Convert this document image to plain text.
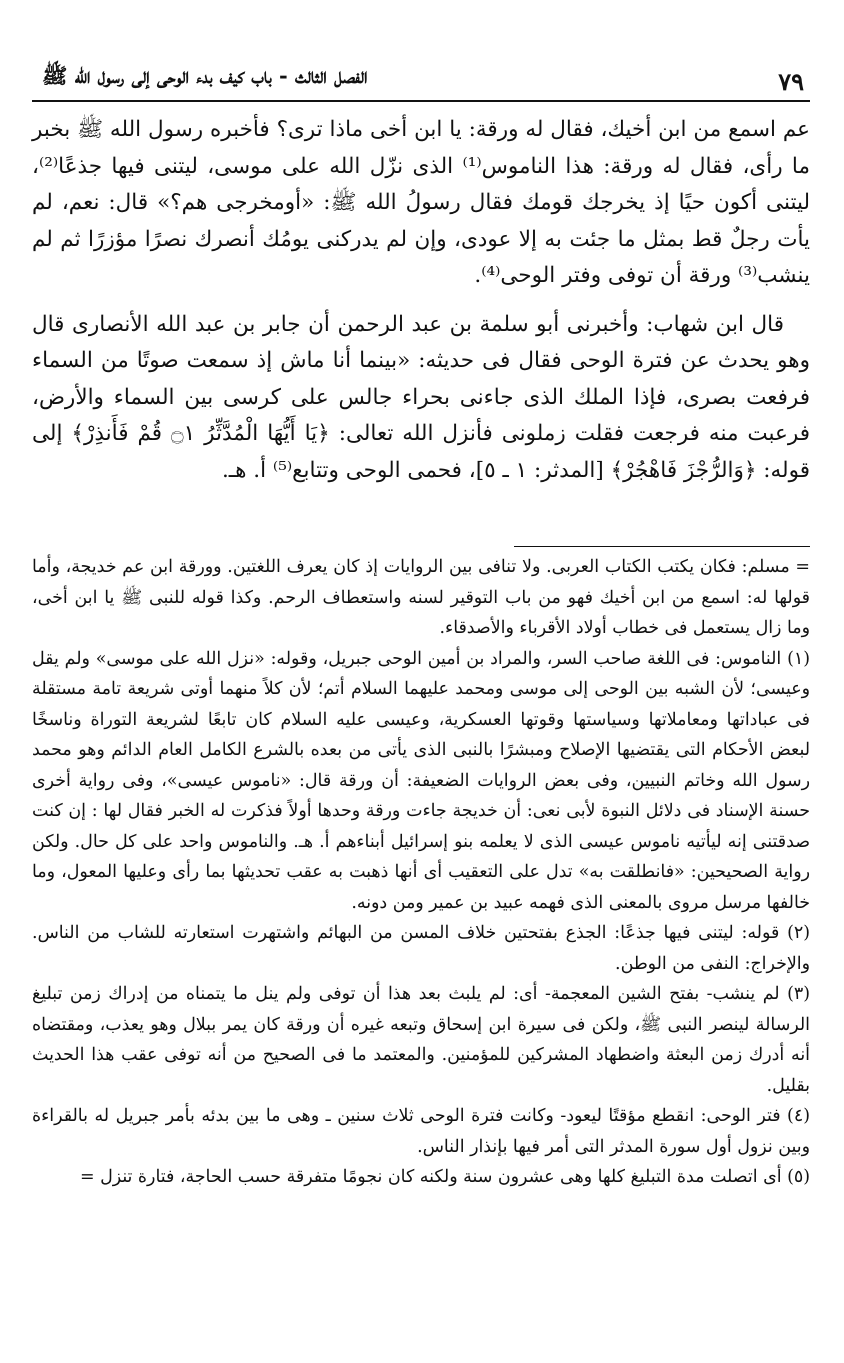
٧٩
الفصل الثالث - باب كيف بدء الوحى إلى رسول الله ﷺ

عم اسمع من ابن أخيك، فقال له ورقة: يا ابن أخى ماذا ترى؟ فأخبره رسول الله ﷺ بخبر ما رأى، فقال له ورقة: هذا الناموس⁽¹⁾ الذى نزّل الله على موسى، ليتنى فيها جذعًا⁽²⁾، ليتنى أكون حيًا إذ يخرجك قومك فقال رسولُ الله ﷺ: «أومخرجى هم؟» قال: نعم، لم يأت رجلٌ قط بمثل ما جئت به إلا عودى، وإن لم يدركنى يومُك أنصرك نصرًا مؤزرًا ثم لم ينشب⁽³⁾ ورقة أن توفى وفتر الوحى⁽⁴⁾.

قال ابن شهاب: وأخبرنى أبو سلمة بن عبد الرحمن أن جابر بن عبد الله الأنصارى قال وهو يحدث عن فترة الوحى فقال فى حديثه: «بينما أنا ماش إذ سمعت صوتًا من السماء فرفعت بصرى، فإذا الملك الذى جاءنى بحراء جالس على كرسى بين السماء والأرض، فرعبت منه فرجعت فقلت زملونى فأنزل الله تعالى: ﴿يَا أَيُّهَا الْمُدَّثِّرُ ۝١ قُمْ فَأَنذِرْ﴾ إلى قوله: ﴿وَالرُّجْزَ فَاهْجُرْ﴾ [المدثر: ١ ـ ٥]، فحمى الوحى وتتابع⁽⁵⁾ أ. هـ.

= مسلم: فكان يكتب الكتاب العربى. ولا تنافى بين الروايات إذ كان يعرف اللغتين. وورقة ابن عم خديجة، وأما قولها له: اسمع من ابن أخيك فهو من باب التوقير لسنه واستعطاف الرحم. وكذا قوله للنبى ﷺ يا ابن أخى، وما زال يستعمل فى خطاب أولاد الأقرباء والأصدقاء.

(١) الناموس: فى اللغة صاحب السر، والمراد بن أمين الوحى جبريل، وقوله: «نزل الله على موسى» ولم يقل وعيسى؛ لأن الشبه بين الوحى إلى موسى ومحمد عليهما السلام أتم؛ لأن كلاً منهما أوتى شريعة تامة مستقلة فى عباداتها ومعاملاتها وسياستها وقوتها العسكرية، وعيسى عليه السلام كان تابعًا لشريعة التوراة وناسخًا لبعض الأحكام التى يقتضيها الإصلاح ومبشرًا بالنبى الذى يأتى من بعده بالشرع الكامل العام الدائم وهو محمد رسول الله وخاتم النبيين، وفى بعض الروايات الضعيفة: أن ورقة قال: «ناموس عيسى»، وفى رواية أخرى حسنة الإسناد فى دلائل النبوة لأبى نعى: أن خديجة جاءت ورقة وحدها أولاً فذكرت له الخبر فقال لها : إن كنت صدقتنى إنه ليأتيه ناموس عيسى الذى لا يعلمه بنو إسرائيل أبناءهم أ. هـ. والناموس واحد على كل حال. ولكن رواية الصحيحين: «فانطلقت به» تدل على التعقيب أى أنها ذهبت به عقب تحديثها بما رأى وعليها المعول، وما خالفها مرسل مروى بالمعنى الذى فهمه عبيد بن عمير ومن دونه.

(٢) قوله: ليتنى فيها جذعًا: الجذع بفتحتين خلاف المسن من البهائم واشتهرت استعارته للشاب من الناس. والإخراج: النفى من الوطن.

(٣) لم ينشب- بفتح الشين المعجمة- أى: لم يلبث بعد هذا أن توفى ولم ينل ما يتمناه من إدراك زمن تبليغ الرسالة لينصر النبى ﷺ، ولكن فى سيرة ابن إسحاق وتبعه غيره أن ورقة كان يمر ببلال وهو يعذب، ومقتضاه أنه أدرك زمن البعثة واضطهاد المشركين للمؤمنين. والمعتمد ما فى الصحيح من أنه توفى عقب هذا الحديث بقليل.

(٤) فتر الوحى: انقطع مؤقتًا ليعود- وكانت فترة الوحى ثلاث سنين ـ وهى ما بين بدئه بأمر جبريل له بالقراءة وبين نزول أول سورة المدثر التى أمر فيها بإنذار الناس.

(٥) أى اتصلت مدة التبليغ كلها وهى عشرون سنة ولكنه كان نجومًا متفرقة حسب الحاجة، فتارة تنزل =
